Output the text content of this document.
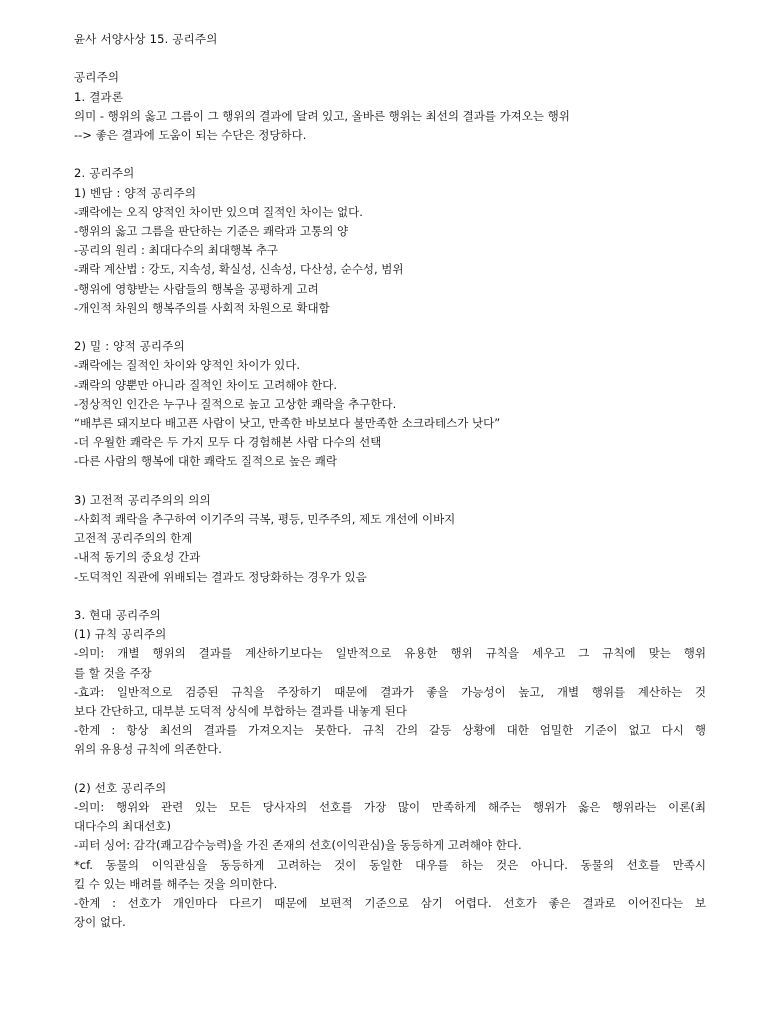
윤사 서양사상 15. 공리주의
공리주의
1. 결과론
의미 - 행위의 옳고 그름이 그 행위의 결과에 달려 있고, 올바른 행위는 최선의 결과를 가져오는 행위
--> 좋은 결과에 도움이 되는 수단은 정당하다.
2. 공리주의
1) 벤담 : 양적 공리주의
-쾌락에는 오직 양적인 차이만 있으며 질적인 차이는 없다.
-행위의 옳고 그름을 판단하는 기준은 쾌락과 고통의 양
-공리의 원리 : 최대다수의 최대행복 추구
-쾌락 계산법 : 강도, 지속성, 확실성, 신속성, 다산성, 순수성, 범위
-행위에 영향받는 사람들의 행복을 공평하게 고려
-개인적 차원의 행복주의를 사회적 차원으로 확대함
2) 밀 : 양적 공리주의
-쾌락에는 질적인 차이와 양적인 차이가 있다.
-쾌락의 양뿐만 아니라 질적인 차이도 고려해야 한다.
-정상적인 인간은 누구나 질적으로 높고 고상한 쾌락을 추구한다.
“배부른 돼지보다 배고픈 사람이 낫고, 만족한 바보보다 불만족한 소크라테스가 낫다”
-더 우월한 쾌락은 두 가지 모두 다 경험해본 사람 다수의 선택
-다른 사람의 행복에 대한 쾌락도 질적으로 높은 쾌락
3) 고전적 공리주의의 의의
-사회적 쾌락을 추구하여 이기주의 극복, 평등, 민주주의, 제도 개선에 이바지
고전적 공리주의의 한계
-내적 동기의 중요성 간과
-도덕적인 직관에 위배되는 결과도 정당화하는 경우가 있음
3. 현대 공리주의
(1) 규칙 공리주의
-의미: 개별 행위의 결과를 계산하기보다는 일반적으로 유용한 행위 규칙을 세우고 그 규칙에 맞는 행위
를 할 것을 주장
-효과: 일반적으로 검증된 규칙을 주장하기 때문에 결과가 좋을 가능성이 높고, 개별 행위를 계산하는 것
보다 간단하고, 대부분 도덕적 상식에 부합하는 결과를 내놓게 된다
-한계 : 항상 최선의 결과를 가져오지는 못한다. 규칙 간의 갈등 상황에 대한 엄밀한 기준이 없고 다시 행
위의 유용성 규칙에 의존한다.
(2) 선호 공리주의
-의미: 행위와 관련 있는 모든 당사자의 선호를 가장 많이 만족하게 해주는 행위가 옳은 행위라는 이론(최
대다수의 최대선호)
-피터 싱어: 감각(쾌고감수능력)을 가진 존재의 선호(이익관심)을 동등하게 고려해야 한다.
*cf. 동물의 이익관심을 동등하게 고려하는 것이 동일한 대우를 하는 것은 아니다. 동물의 선호를 만족시
킬 수 있는 배려를 해주는 것을 의미한다.
-한계 : 선호가 개인마다 다르기 때문에 보편적 기준으로 삼기 어렵다. 선호가 좋은 결과로 이어진다는 보
장이 없다.
